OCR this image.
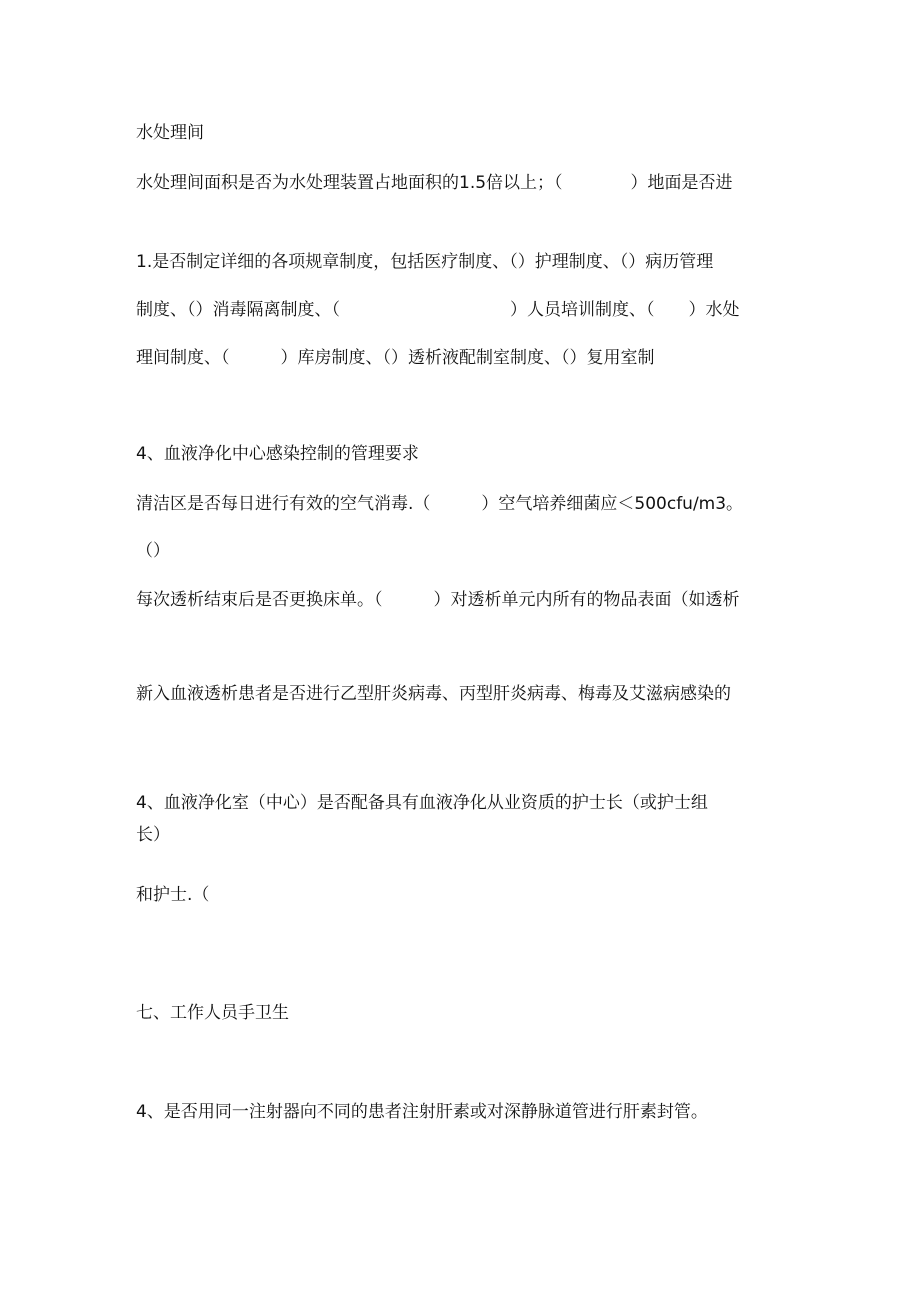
水处理间

水处理间面积是否为水处理装置占地面积的1.5倍以上；（　　　　）地面是否进

1.是否制定详细的各项规章制度，包括医疗制度、（）护理制度、（）病历管理

制度、（）消毒隔离制度、（　　　　　　　　　　）人员培训制度、（　　）水处

理间制度、（　　　）库房制度、（）透析液配制室制度、（）复用室制

4、血液净化中心感染控制的管理要求

清洁区是否每日进行有效的空气消毒.（　　　）空气培养细菌应＜500cfu∕m3。

（）

每次透析结束后是否更换床单。（　　　）对透析单元内所有的物品表面（如透析

新入血液透析患者是否进行乙型肝炎病毒、丙型肝炎病毒、梅毒及艾滋病感染的

4、血液净化室（中心）是否配备具有血液净化从业资质的护士长（或护士组

长）

和护士.（

七、工作人员手卫生

4、是否用同一注射器向不同的患者注射肝素或对深静脉道管进行肝素封管。
